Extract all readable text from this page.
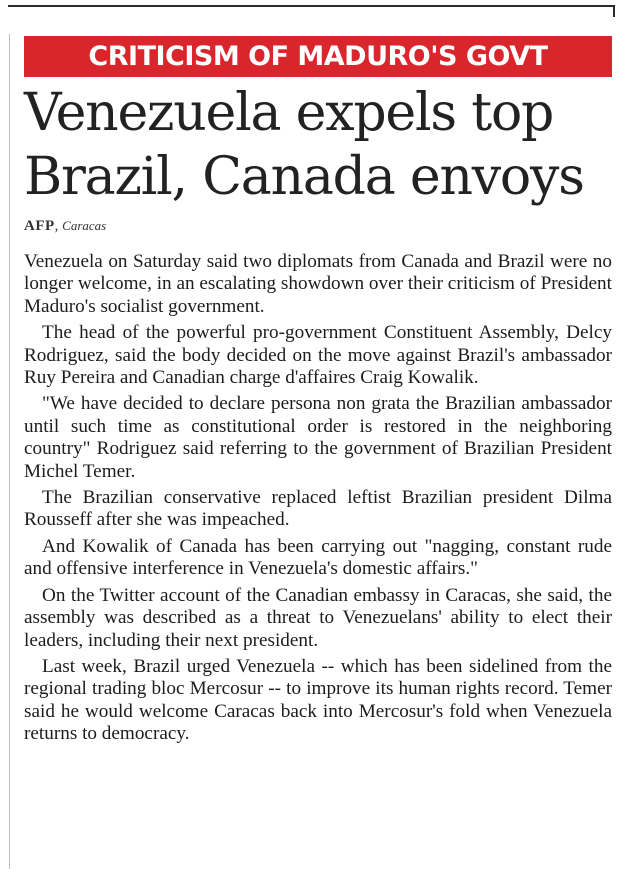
CRITICISM OF MADURO'S GOVT
Venezuela expels top
Brazil, Canada envoys
AFP, Caracas

Venezuela on Saturday said two diplomats from Canada and Brazil were no longer welcome, in an escalating showdown over their criticism of President Maduro's socialist government.

The head of the powerful pro-government Constituent Assembly, Delcy Rodriguez, said the body decided on the move against Brazil's ambassador Ruy Pereira and Canadian charge d'affaires Craig Kowalik.

"We have decided to declare persona non grata the Brazilian ambassador until such time as constitutional order is restored in the neighboring country" Rodriguez said referring to the government of Brazilian President Michel Temer.

The Brazilian conservative replaced leftist Brazilian president Dilma Rousseff after she was impeached.

And Kowalik of Canada has been carrying out "nagging, constant rude and offensive interference in Venezuela's domestic affairs."

On the Twitter account of the Canadian embassy in Caracas, she said, the assembly was described as a threat to Venezuelans' ability to elect their leaders, including their next president.

Last week, Brazil urged Venezuela -- which has been sidelined from the regional trading bloc Mercosur -- to improve its human rights record. Temer said he would welcome Caracas back into Mercosur's fold when Venezuela returns to democracy.
